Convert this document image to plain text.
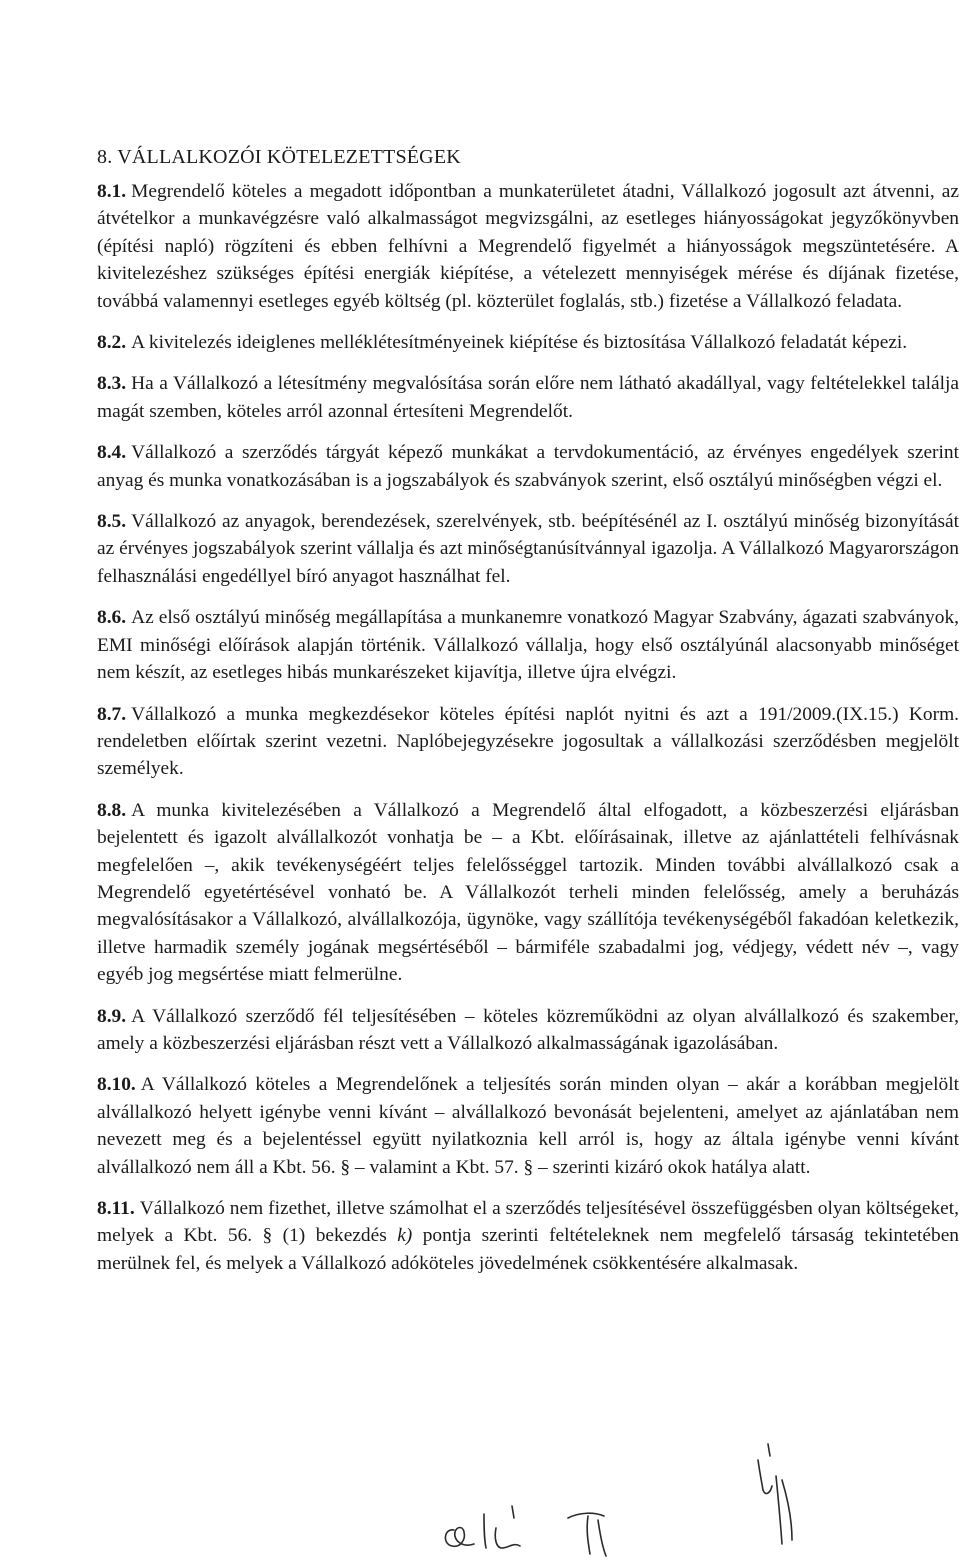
8. VÁLLALKOZÓI KÖTELEZETTSÉGEK

8.1. Megrendelő köteles a megadott időpontban a munkaterületet átadni, Vállalkozó jogosult azt átvenni, az átvételkor a munkavégzésre való alkalmasságot megvizsgálni, az esetleges hiányosságokat jegyzőkönyvben (építési napló) rögzíteni és ebben felhívni a Megrendelő figyelmét a hiányosságok megszüntetésére. A kivitelezéshez szükséges építési energiák kiépítése, a vételezett mennyiségek mérése és díjának fizetése, továbbá valamennyi esetleges egyéb költség (pl. közterület foglalás, stb.) fizetése a Vállalkozó feladata.

8.2. A kivitelezés ideiglenes melléklétesítményeinek kiépítése és biztosítása Vállalkozó feladatát képezi.

8.3. Ha a Vállalkozó a létesítmény megvalósítása során előre nem látható akadállyal, vagy feltételekkel találja magát szemben, köteles arról azonnal értesíteni Megrendelőt.

8.4. Vállalkozó a szerződés tárgyát képező munkákat a tervdokumentáció, az érvényes engedélyek szerint anyag és munka vonatkozásában is a jogszabályok és szabványok szerint, első osztályú minőségben végzi el.

8.5. Vállalkozó az anyagok, berendezések, szerelvények, stb. beépítésénél az I. osztályú minőség bizonyítását az érvényes jogszabályok szerint vállalja és azt minőségtanúsítvánnyal igazolja. A Vállalkozó Magyarországon felhasználási engedéllyel bíró anyagot használhat fel.

8.6. Az első osztályú minőség megállapítása a munkanemre vonatkozó Magyar Szabvány, ágazati szabványok, EMI minőségi előírások alapján történik. Vállalkozó vállalja, hogy első osztályúnál alacsonyabb minőséget nem készít, az esetleges hibás munkarészeket kijavítja, illetve újra elvégzi.

8.7. Vállalkozó a munka megkezdésekor köteles építési naplót nyitni és azt a 191/2009.(IX.15.) Korm. rendeletben előírtak szerint vezetni. Naplóbejegyzésekre jogosultak a vállalkozási szerződésben megjelölt személyek.

8.8. A munka kivitelezésében a Vállalkozó a Megrendelő által elfogadott, a közbeszerzési eljárásban bejelentett és igazolt alvállalkozót vonhatja be – a Kbt. előírásainak, illetve az ajánlattételi felhívásnak megfelelően –, akik tevékenységéért teljes felelősséggel tartozik. Minden további alvállalkozó csak a Megrendelő egyetértésével vonható be. A Vállalkozót terheli minden felelősség, amely a beruházás megvalósításakor a Vállalkozó, alvállalkozója, ügynöke, vagy szállítója tevékenységéből fakadóan keletkezik, illetve harmadik személy jogának megsértéséből – bármiféle szabadalmi jog, védjegy, védett név –, vagy egyéb jog megsértése miatt felmerülne.

8.9. A Vállalkozó szerződő fél teljesítésében – köteles közreműködni az olyan alvállalkozó és szakember, amely a közbeszerzési eljárásban részt vett a Vállalkozó alkalmasságának igazolásában.

8.10. A Vállalkozó köteles a Megrendelőnek a teljesítés során minden olyan – akár a korábban megjelölt alvállalkozó helyett igénybe venni kívánt – alvállalkozó bevonását bejelenteni, amelyet az ajánlatában nem nevezett meg és a bejelentéssel együtt nyilatkoznia kell arról is, hogy az általa igénybe venni kívánt alvállalkozó nem áll a Kbt. 56. § – valamint a Kbt. 57. § – szerinti kizáró okok hatálya alatt.

8.11. Vállalkozó nem fizethet, illetve számolhat el a szerződés teljesítésével összefüggésben olyan költségeket, melyek a Kbt. 56. § (1) bekezdés k) pontja szerinti feltételeknek nem megfelelő társaság tekintetében merülnek fel, és melyek a Vállalkozó adóköteles jövedelmének csökkentésére alkalmasak.
